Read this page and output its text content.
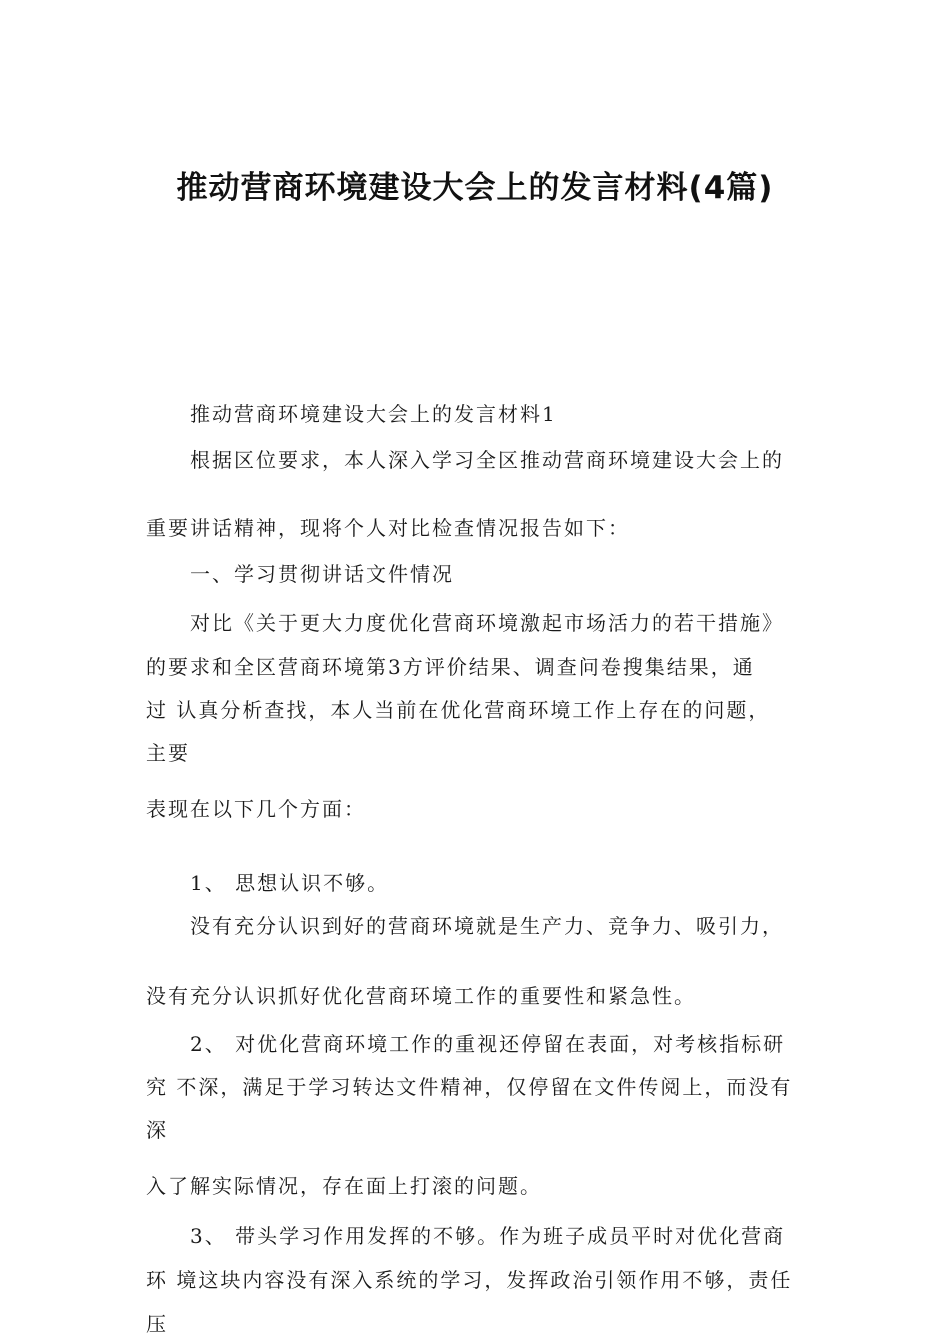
推动营商环境建设大会上的发言材料(4篇)
推动营商环境建设大会上的发言材料1
根据区位要求，本人深入学习全区推动营商环境建设大会上的
重要讲话精神，现将个人对比检查情况报告如下：
一、学习贯彻讲话文件情况
对比《关于更大力度优化营商环境激起市场活力的若干措施》
的要求和全区营商环境第3方评价结果、调查问卷搜集结果，通
过 认真分析查找，本人当前在优化营商环境工作上存在的问题，
主要
表现在以下几个方面：
1、 思想认识不够。
没有充分认识到好的营商环境就是生产力、竞争力、吸引力，
没有充分认识抓好优化营商环境工作的重要性和紧急性。
2、 对优化营商环境工作的重视还停留在表面，对考核指标研
究 不深，满足于学习转达文件精神，仅停留在文件传阅上，而没有
深
入了解实际情况，存在面上打滚的问题。
3、 带头学习作用发挥的不够。作为班子成员平时对优化营商
环 境这块内容没有深入系统的学习，发挥政治引领作用不够，责任
压
